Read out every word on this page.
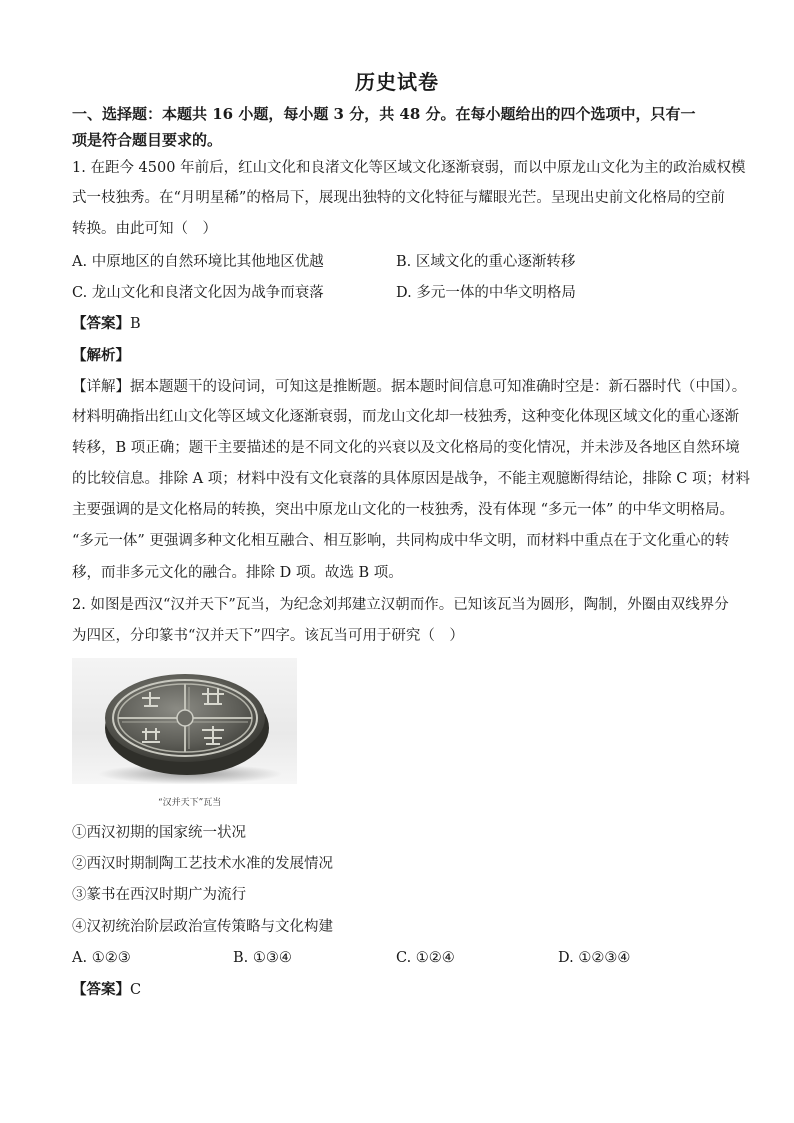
历史试卷
一、选择题：本题共 16 小题，每小题 3 分，共 48 分。在每小题给出的四个选项中，只有一
项是符合题目要求的。
1. 在距今 4500 年前后，红山文化和良渚文化等区域文化逐渐衰弱，而以中原龙山文化为主的政治威权模
式一枝独秀。在“月明星稀”的格局下，展现出独特的文化特征与耀眼光芒。呈现出史前文化格局的空前
转换。由此可知（　）
A. 中原地区的自然环境比其他地区优越	B. 区域文化的重心逐渐转移
C. 龙山文化和良渚文化因为战争而衰落	D. 多元一体的中华文明格局
【答案】B
【解析】
【详解】据本题题干的设问词，可知这是推断题。据本题时间信息可知准确时空是：新石器时代（中国）。
材料明确指出红山文化等区域文化逐渐衰弱，而龙山文化却一枝独秀，这种变化体现区域文化的重心逐渐
转移，B 项正确；题干主要描述的是不同文化的兴衰以及文化格局的变化情况，并未涉及各地区自然环境
的比较信息。排除 A 项；材料中没有文化衰落的具体原因是战争，不能主观臆断得结论，排除 C 项；材料
主要强调的是文化格局的转换，突出中原龙山文化的一枝独秀，没有体现 “多元一体” 的中华文明格局。
“多元一体” 更强调多种文化相互融合、相互影响，共同构成中华文明，而材料中重点在于文化重心的转
移，而非多元文化的融合。排除 D 项。故选 B 项。
2. 如图是西汉“汉并天下”瓦当，为纪念刘邦建立汉朝而作。已知该瓦当为圆形，陶制，外圈由双线界分
为四区，分印篆书“汉并天下”四字。该瓦当可用于研究（　）
“汉并天下”瓦当
①西汉初期的国家统一状况
②西汉时期制陶工艺技术水准的发展情况
③篆书在西汉时期广为流行
④汉初统治阶层政治宣传策略与文化构建
A. ①②③	B. ①③④	C. ①②④	D. ①②③④
【答案】C
